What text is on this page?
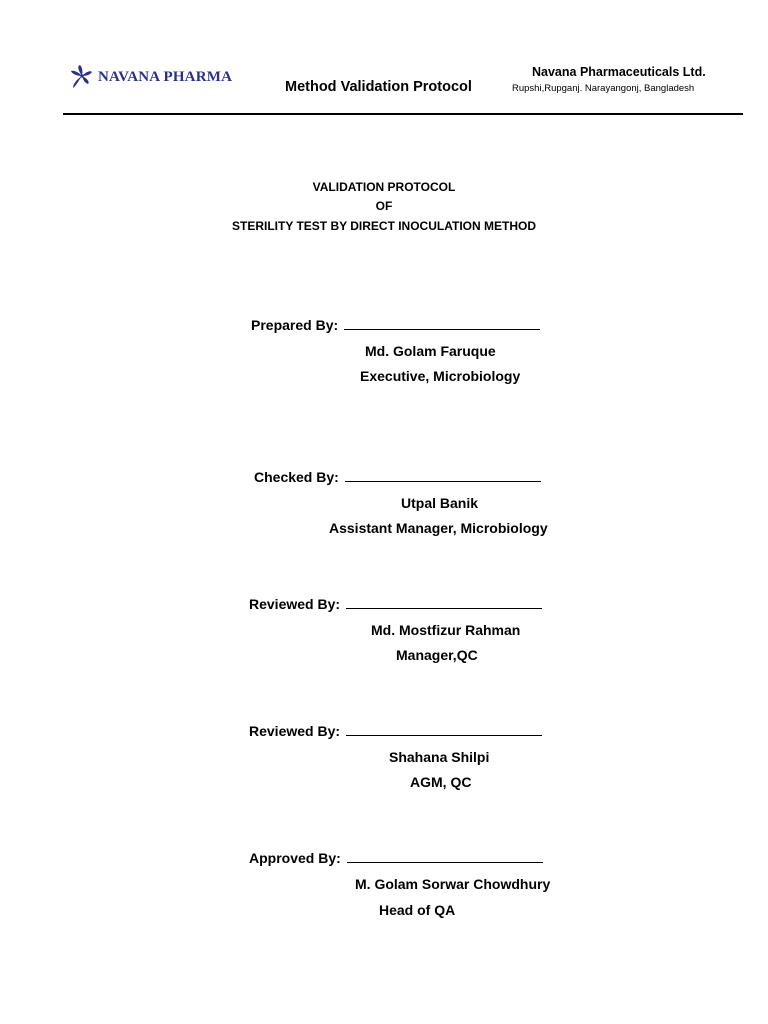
NAVANA PHARMA
Method Validation Protocol
Navana Pharmaceuticals Ltd.
Rupshi,Rupganj. Narayangonj, Bangladesh
VALIDATION PROTOCOL
OF
STERILITY TEST BY DIRECT INOCULATION METHOD
Prepared By:
Md. Golam Faruque
Executive, Microbiology
Checked By:
Utpal Banik
Assistant Manager, Microbiology
Reviewed By:
Md. Mostfizur Rahman
Manager,QC
Reviewed By:
Shahana Shilpi
AGM, QC
Approved By:
M. Golam Sorwar Chowdhury
Head of QA
